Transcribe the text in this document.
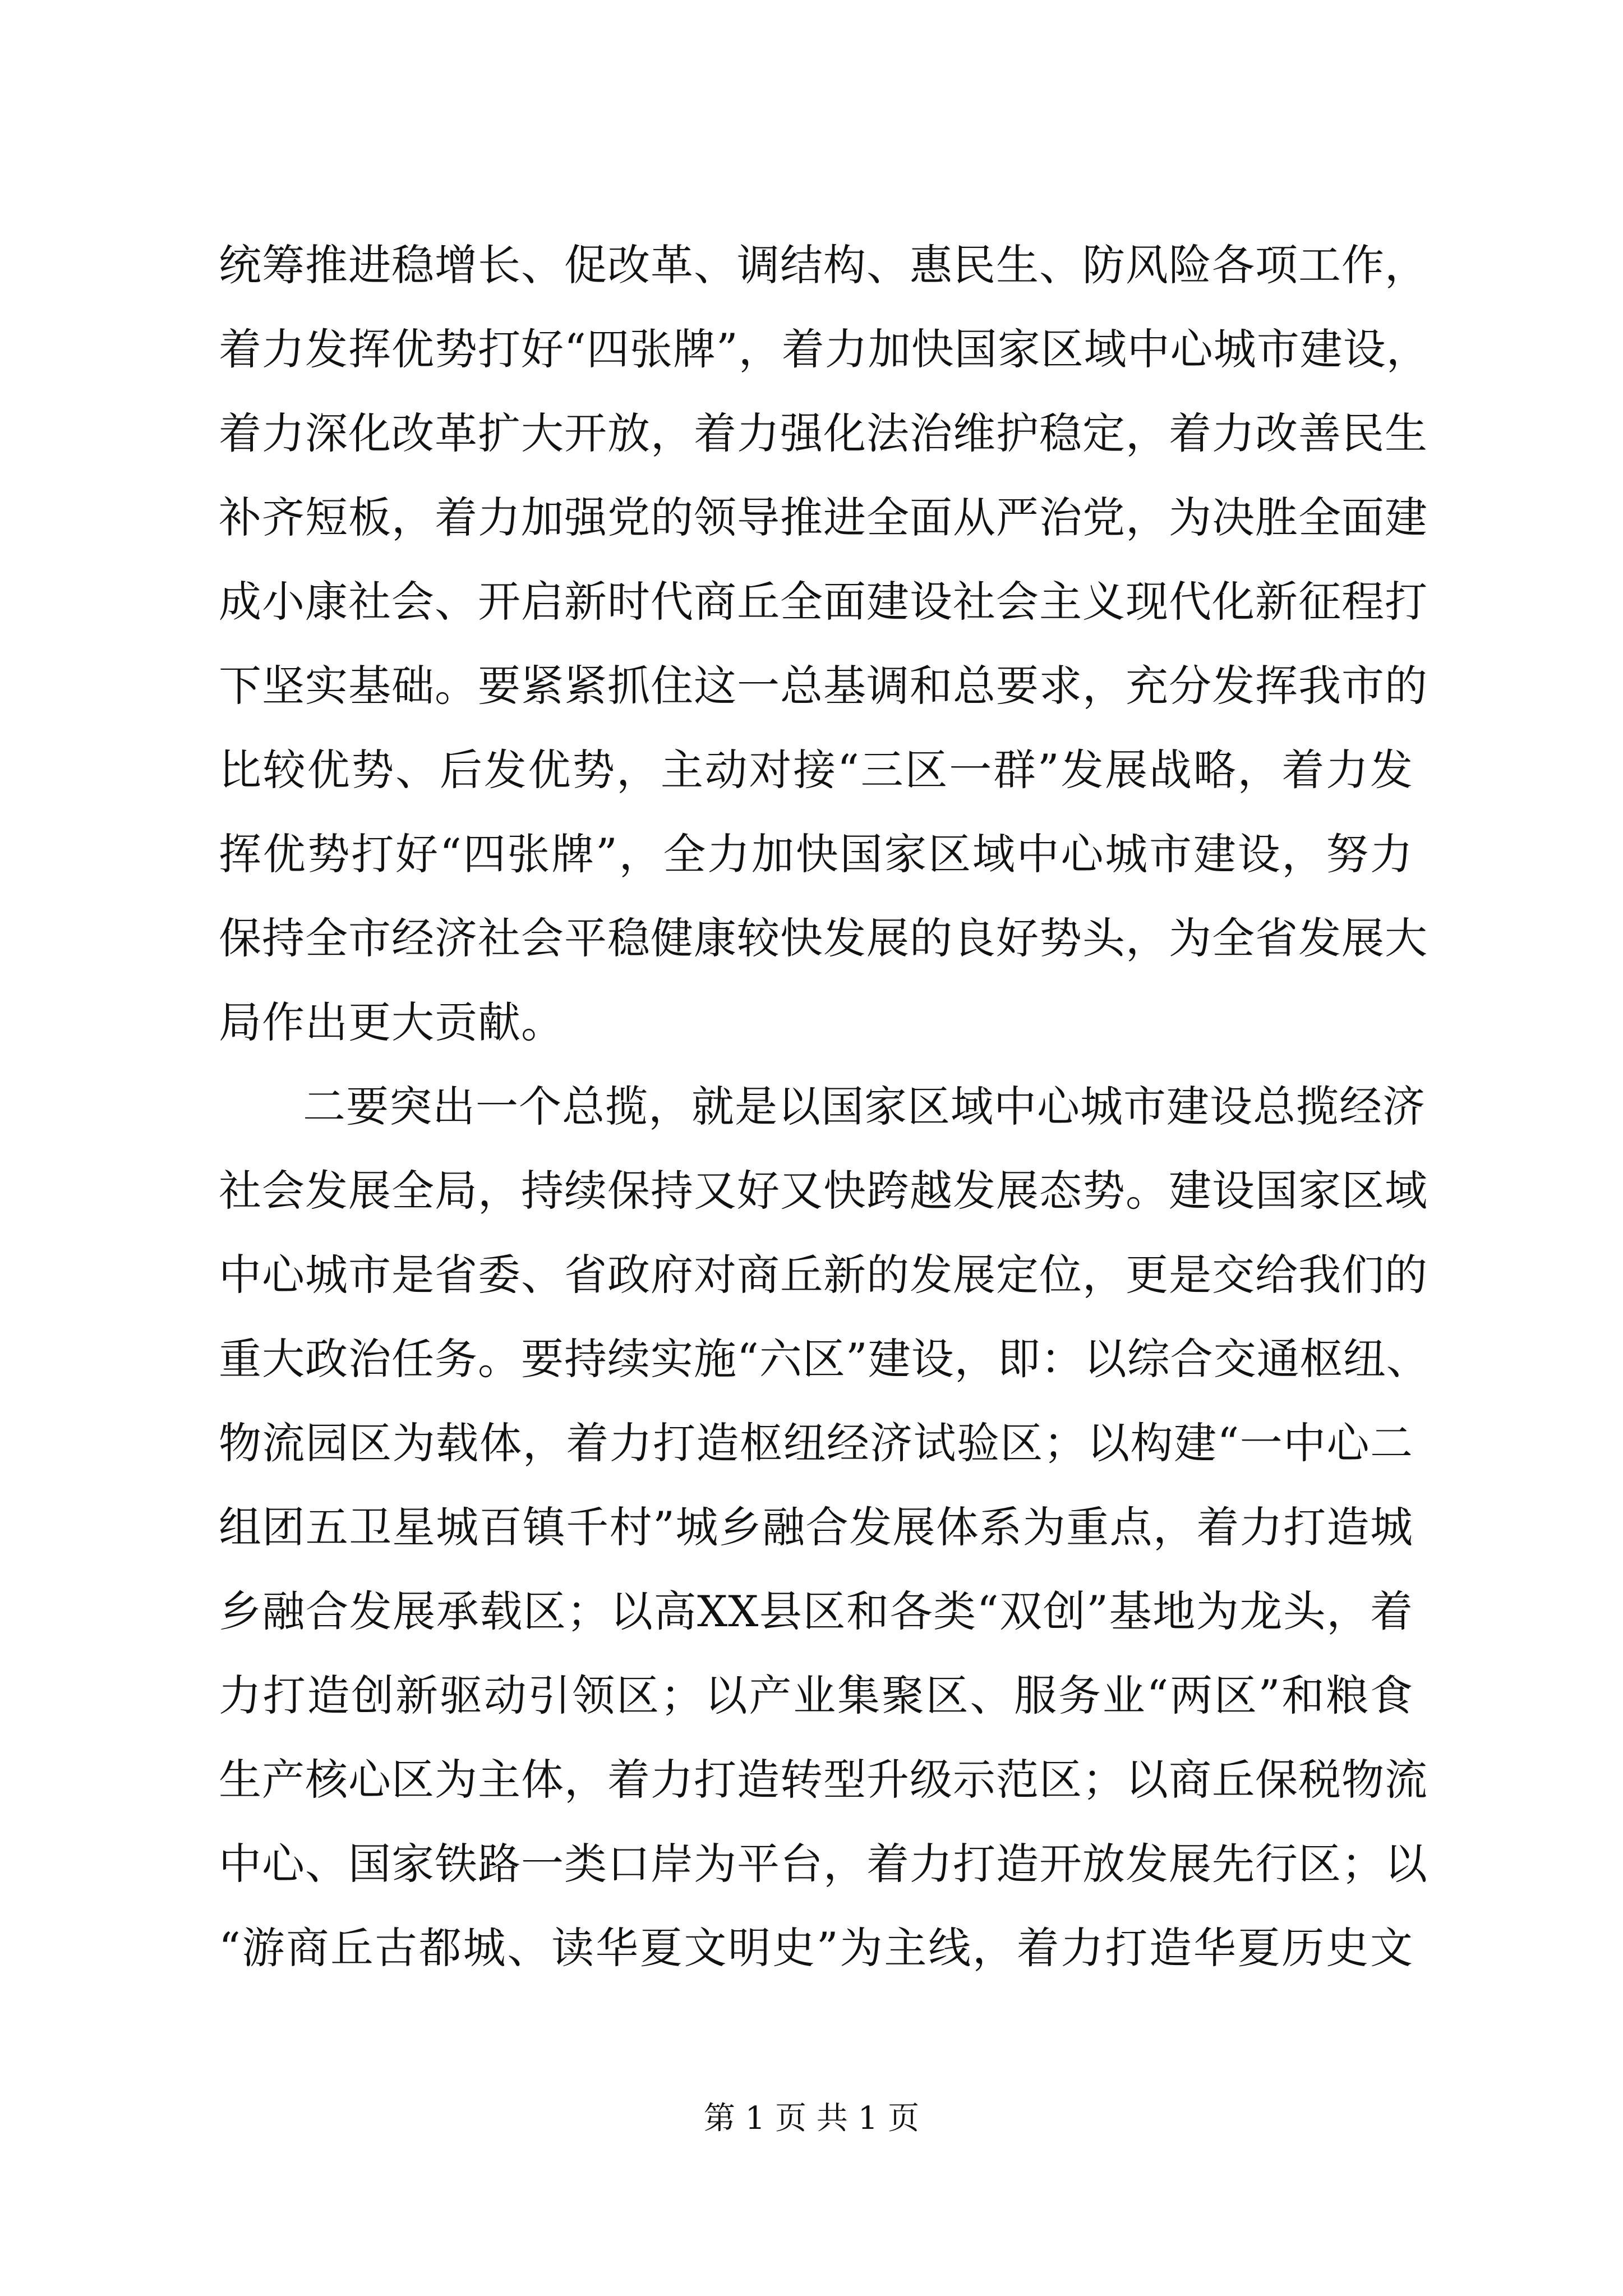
统筹推进稳增长、促改革、调结构、惠民生、防风险各项工作，
着力发挥优势打好“四张牌”，着力加快国家区域中心城市建设，
着力深化改革扩大开放，着力强化法治维护稳定，着力改善民生
补齐短板，着力加强党的领导推进全面从严治党，为决胜全面建
成小康社会、开启新时代商丘全面建设社会主义现代化新征程打
下坚实基础。要紧紧抓住这一总基调和总要求，充分发挥我市的
比较优势、后发优势，主动对接“三区一群”发展战略，着力发
挥优势打好“四张牌”，全力加快国家区域中心城市建设，努力
保持全市经济社会平稳健康较快发展的良好势头，为全省发展大
局作出更大贡献。
二要突出一个总揽，就是以国家区域中心城市建设总揽经济
社会发展全局，持续保持又好又快跨越发展态势。建设国家区域
中心城市是省委、省政府对商丘新的发展定位，更是交给我们的
重大政治任务。要持续实施“六区”建设，即：以综合交通枢纽、
物流园区为载体，着力打造枢纽经济试验区；以构建“一中心二
组团五卫星城百镇千村”城乡融合发展体系为重点，着力打造城
乡融合发展承载区；以高XX县区和各类“双创”基地为龙头，着
力打造创新驱动引领区；以产业集聚区、服务业“两区”和粮食
生产核心区为主体，着力打造转型升级示范区；以商丘保税物流
中心、国家铁路一类口岸为平台，着力打造开放发展先行区；以
“游商丘古都城、读华夏文明史”为主线，着力打造华夏历史文
第 1 页 共 1 页
